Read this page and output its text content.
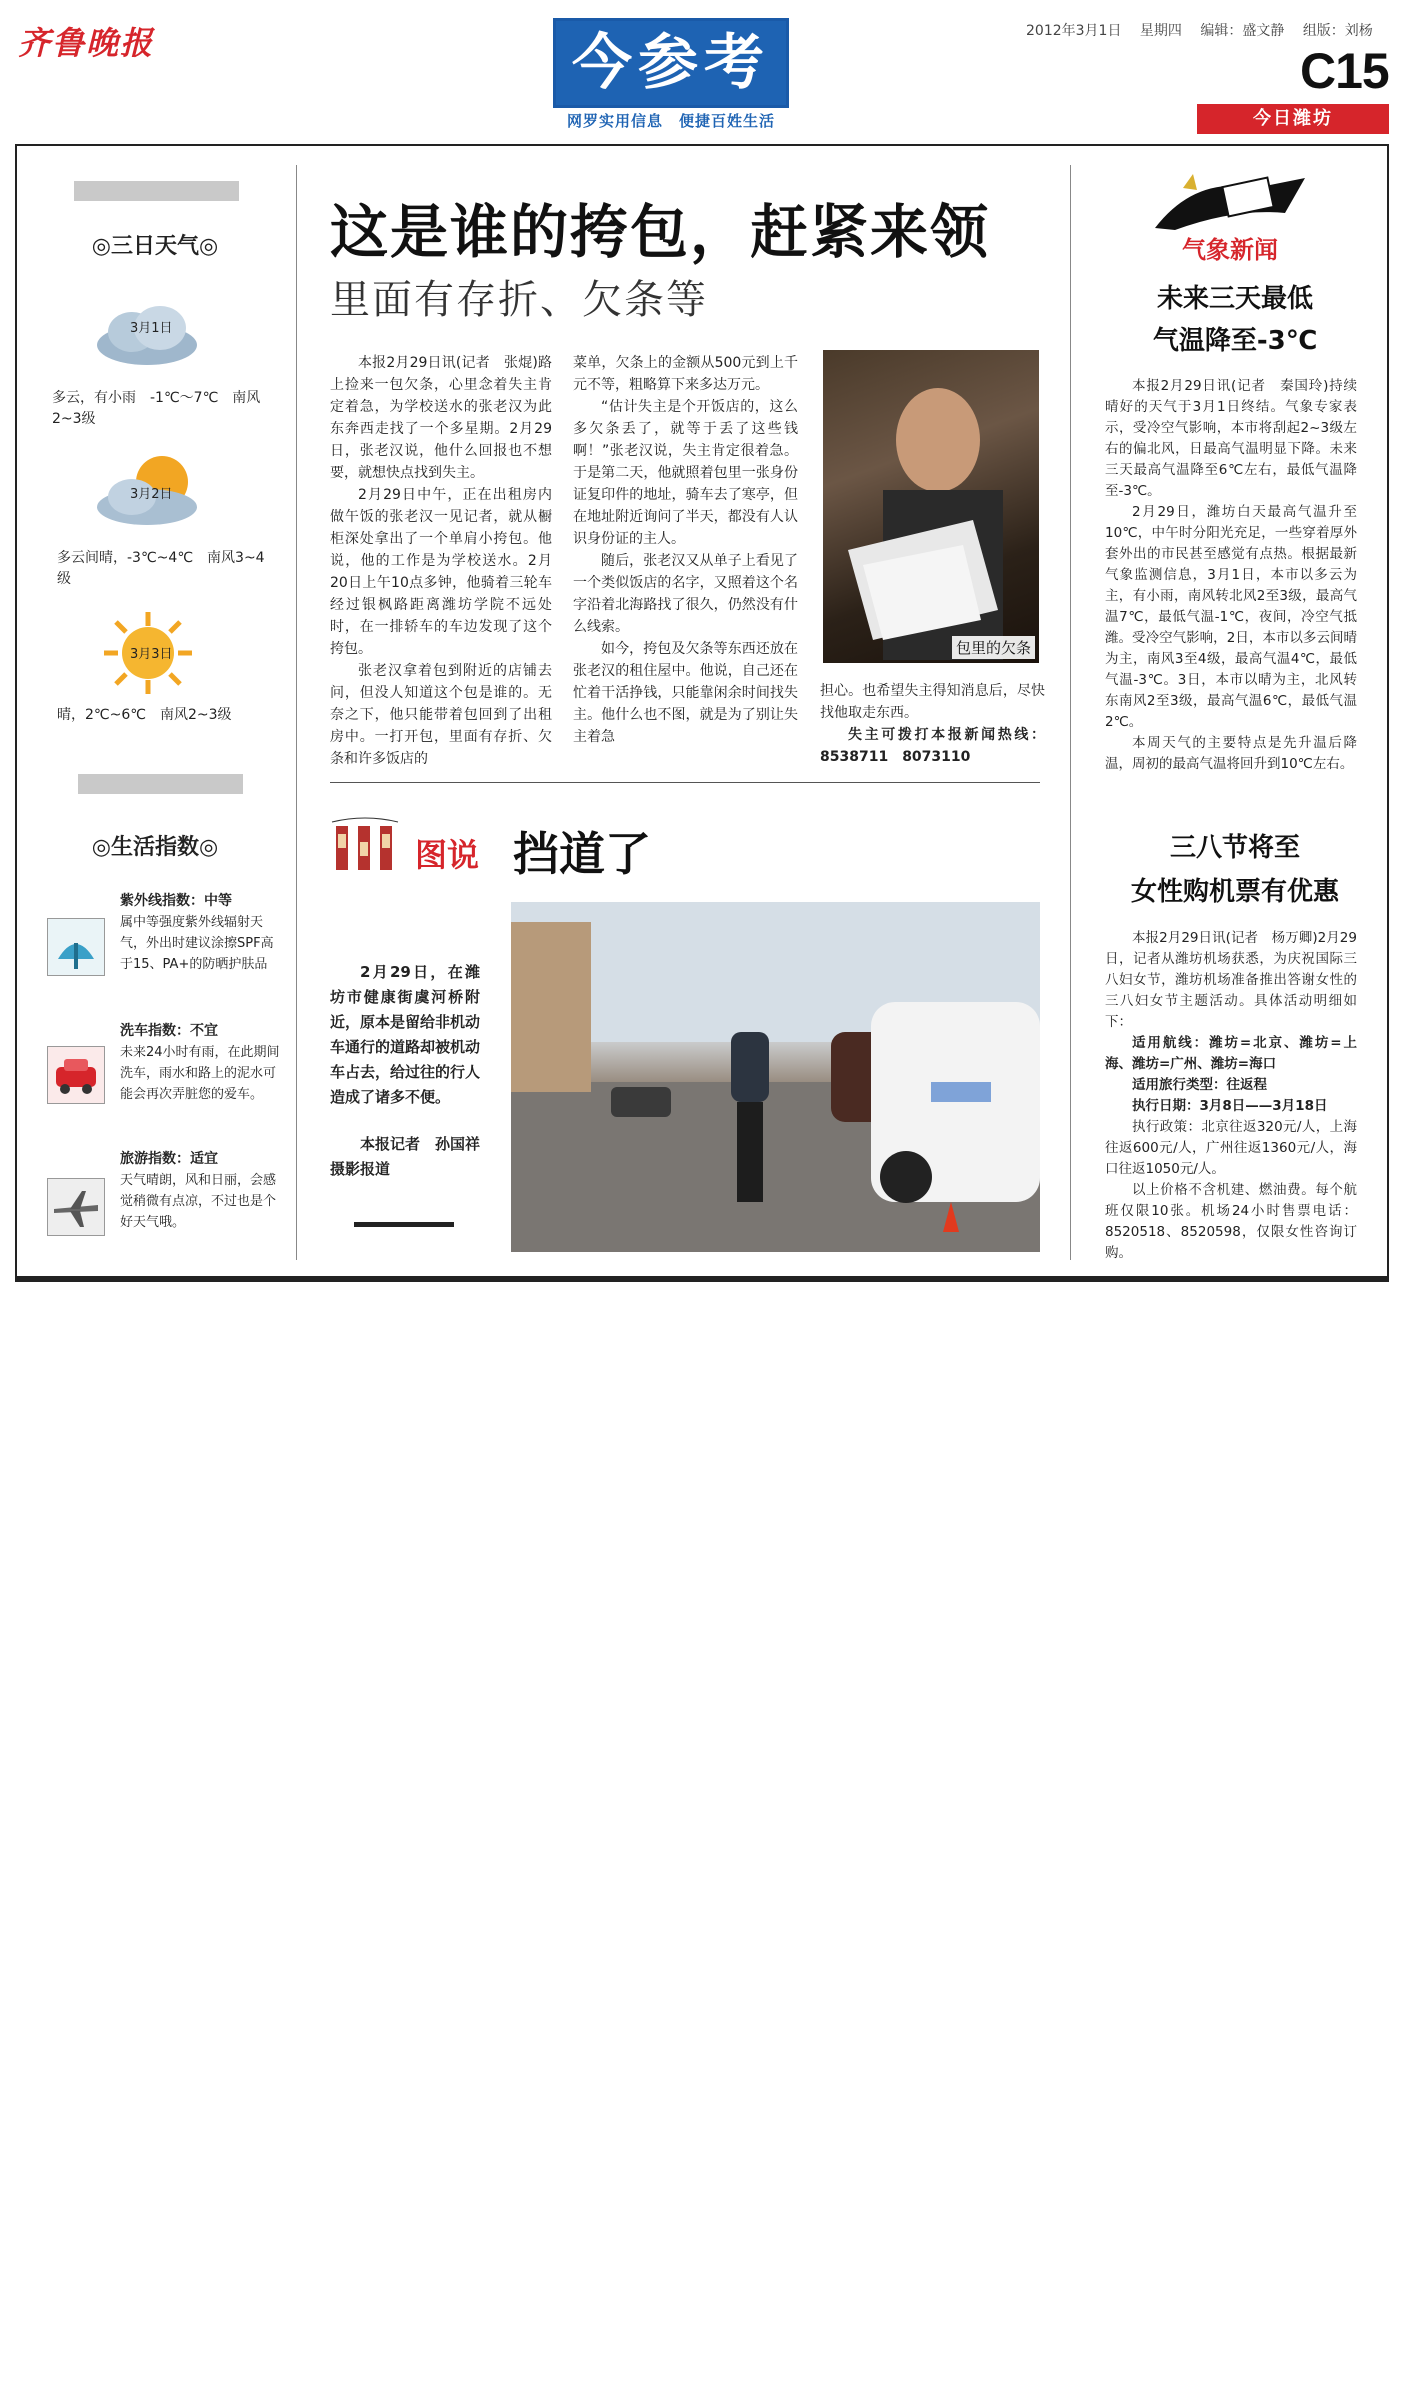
齐鲁晚报	今参考
网罗实用信息　便捷百姓生活
2012年3月1日 星期四 编辑：盛文静 组版：刘杨
C15
今日潍坊
◎三日天气◎
3月1日
多云，有小雨　-1℃～7℃　南风2~3级
3月2日
多云间晴，-3℃~4℃　南风3~4级
3月3日
晴，2℃~6℃　南风2~3级
◎生活指数◎
紫外线指数：中等
属中等强度紫外线辐射天气，外出时建议涂擦SPF高于15、PA+的防晒护肤品
洗车指数：不宜
未来24小时有雨，在此期间洗车，雨水和路上的泥水可能会再次弄脏您的爱车。
旅游指数：适宜
天气晴朗，风和日丽，会感觉稍微有点凉，不过也是个好天气哦。
这是谁的挎包，赶紧来领
里面有存折、欠条等

本报2月29日讯(记者　张焜)路上捡来一包欠条，心里念着失主肯定着急，为学校送水的张老汉为此东奔西走找了一个多星期。2月29日，张老汉说，他什么回报也不想要，就想快点找到失主。

2月29日中午，正在出租房内做午饭的张老汉一见记者，就从橱柜深处拿出了一个单肩小挎包。他说，他的工作是为学校送水。2月20日上午10点多钟，他骑着三轮车经过银枫路距离潍坊学院不远处时，在一排轿车的车边发现了这个挎包。

张老汉拿着包到附近的店铺去问，但没人知道这个包是谁的。无奈之下，他只能带着包回到了出租房中。一打开包，里面有存折、欠条和许多饭店的

菜单，欠条上的金额从500元到上千元不等，粗略算下来多达万元。

“估计失主是个开饭店的，这么多欠条丢了，就等于丢了这些钱啊！”张老汉说，失主肯定很着急。于是第二天，他就照着包里一张身份证复印件的地址，骑车去了寒亭，但在地址附近询问了半天，都没有人认识身份证的主人。

随后，张老汉又从单子上看见了一个类似饭店的名字，又照着这个名字沿着北海路找了很久，仍然没有什么线索。

如今，挎包及欠条等东西还放在张老汉的租住屋中。他说，自己还在忙着干活挣钱，只能靠闲余时间找失主。他什么也不图，就是为了别让失主着急

包里的欠条

担心。也希望失主得知消息后，尽快找他取走东西。

失主可拨打本报新闻热线：8538711　8073110

图说 挡道了
2月29日，在潍坊市健康街虞河桥附近，原本是留给非机动车通行的道路却被机动车占去，给过往的行人造成了诸多不便。
本报记者　孙国祥　摄影报道
气象新闻
未来三天最低
气温降至-3℃

本报2月29日讯(记者　秦国玲)持续晴好的天气于3月1日终结。气象专家表示，受冷空气影响，本市将刮起2~3级左右的偏北风，日最高气温明显下降。未来三天最高气温降至6℃左右，最低气温降至-3℃。

2月29日，潍坊白天最高气温升至10℃，中午时分阳光充足，一些穿着厚外套外出的市民甚至感觉有点热。根据最新气象监测信息，3月1日，本市以多云为主，有小雨，南风转北风2至3级，最高气温7℃，最低气温-1℃，夜间，冷空气抵潍。受冷空气影响，2日，本市以多云间晴为主，南风3至4级，最高气温4℃，最低气温-3℃。3日，本市以晴为主，北风转东南风2至3级，最高气温6℃，最低气温2℃。

本周天气的主要特点是先升温后降温，周初的最高气温将回升到10℃左右。

三八节将至
女性购机票有优惠

本报2月29日讯(记者　杨万卿)2月29日，记者从潍坊机场获悉，为庆祝国际三八妇女节，潍坊机场准备推出答谢女性的三八妇女节主题活动。具体活动明细如下：

适用航线：潍坊=北京、潍坊=上海、潍坊=广州、潍坊=海口

适用旅行类型：往返程

执行日期：3月8日——3月18日

执行政策：北京往返320元/人，上海往返600元/人，广州往返1360元/人，海口往返1050元/人。

以上价格不含机建、燃油费。每个航班仅限10张。机场24小时售票电话：8520518、8520598，仅限女性咨询订购。
